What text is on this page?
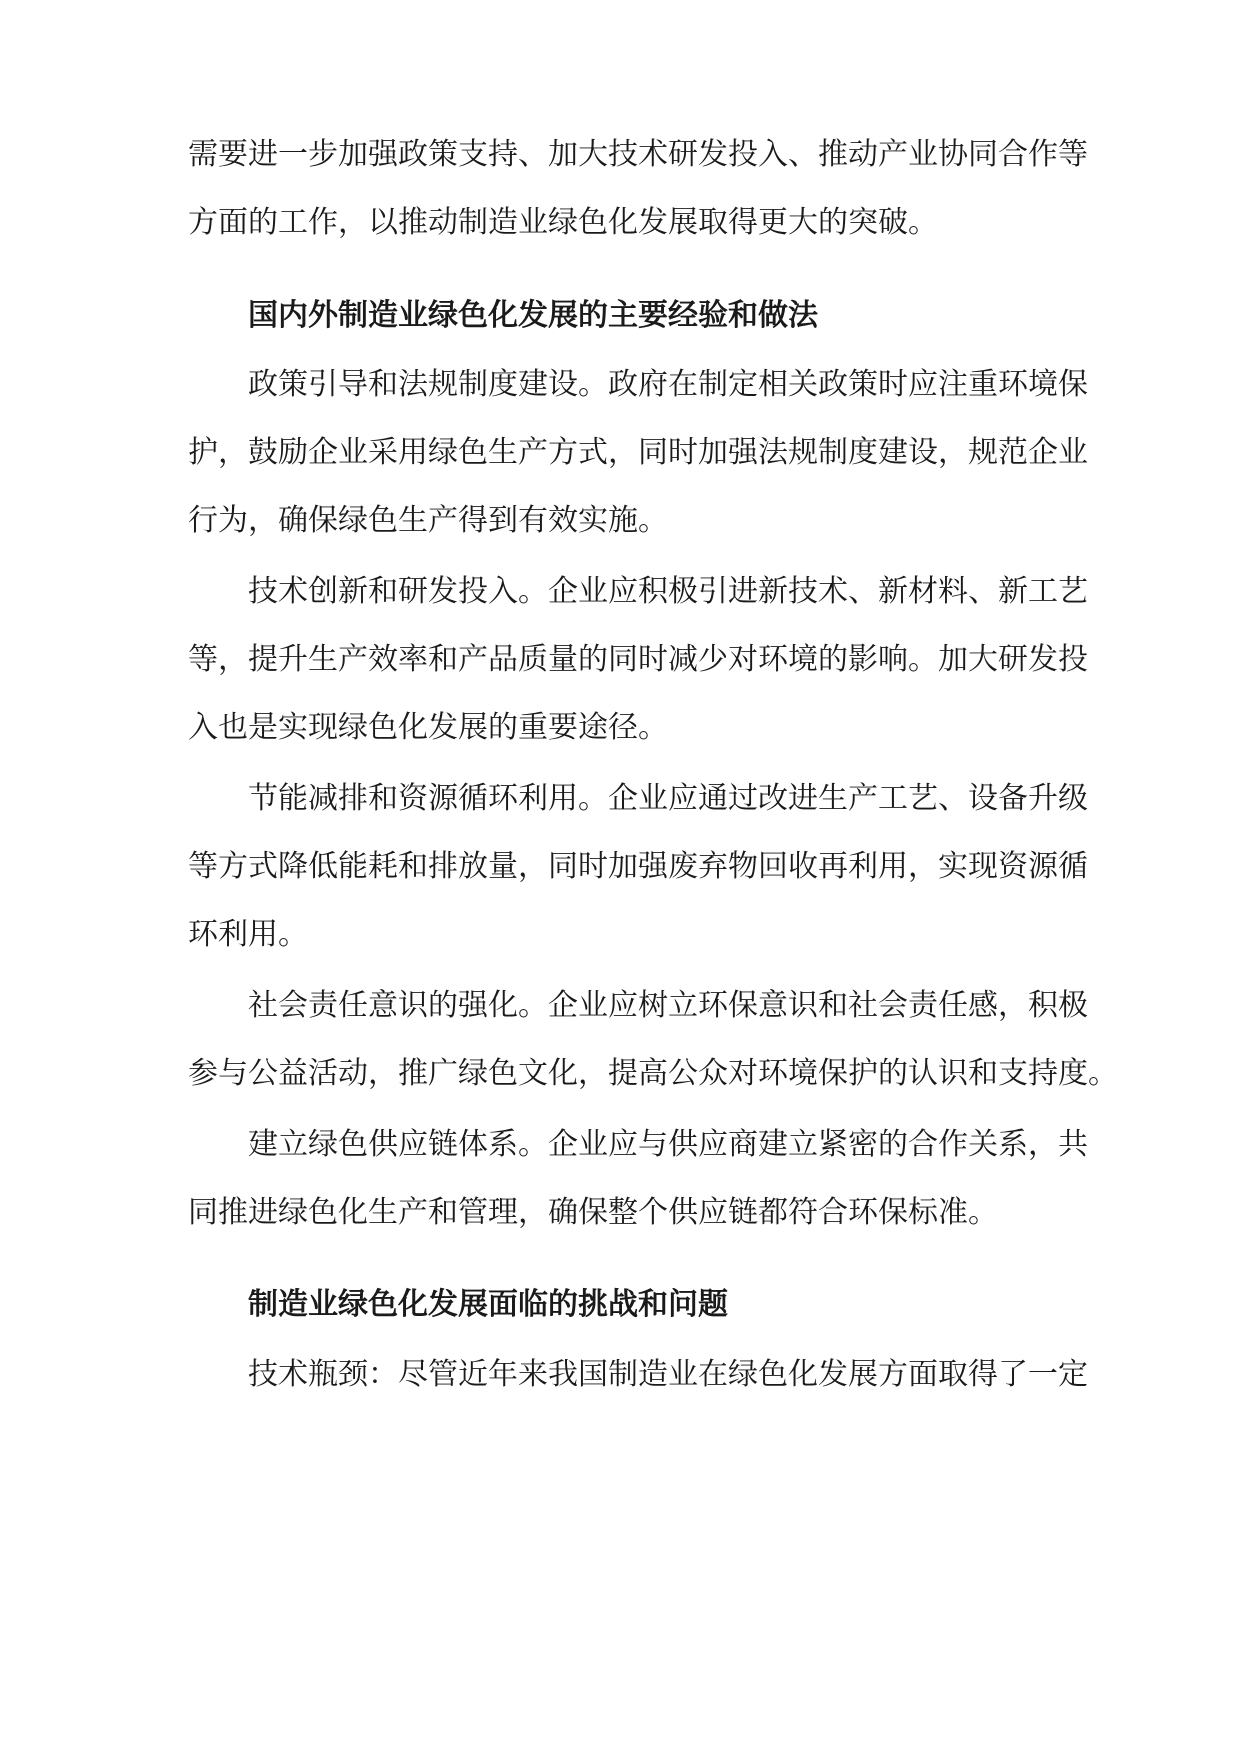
需要进一步加强政策支持、加大技术研发投入、推动产业协同合作等
方面的工作，以推动制造业绿色化发展取得更大的突破。
国内外制造业绿色化发展的主要经验和做法
政策引导和法规制度建设。政府在制定相关政策时应注重环境保
护，鼓励企业采用绿色生产方式，同时加强法规制度建设，规范企业
行为，确保绿色生产得到有效实施。
技术创新和研发投入。企业应积极引进新技术、新材料、新工艺
等，提升生产效率和产品质量的同时减少对环境的影响。加大研发投
入也是实现绿色化发展的重要途径。
节能减排和资源循环利用。企业应通过改进生产工艺、设备升级
等方式降低能耗和排放量，同时加强废弃物回收再利用，实现资源循
环利用。
社会责任意识的强化。企业应树立环保意识和社会责任感，积极
参与公益活动，推广绿色文化，提高公众对环境保护的认识和支持度。
建立绿色供应链体系。企业应与供应商建立紧密的合作关系，共
同推进绿色化生产和管理，确保整个供应链都符合环保标准。
制造业绿色化发展面临的挑战和问题
技术瓶颈：尽管近年来我国制造业在绿色化发展方面取得了一定
